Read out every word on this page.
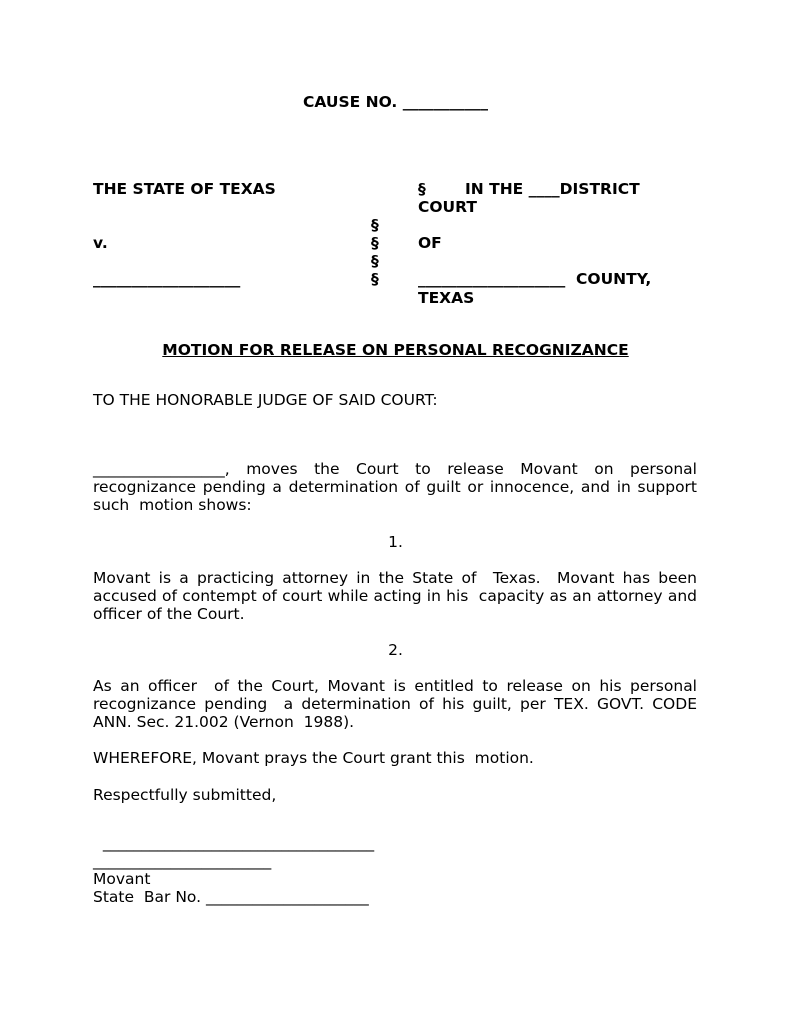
CAUSE NO. ___________
THE STATE OF TEXAS
v.
___________________
§
§
§
§
§
IN THE ____DISTRICT
COURT
OF
___________________  COUNTY,
TEXAS
MOTION FOR RELEASE ON PERSONAL RECOGNIZANCE
TO THE HONORABLE JUDGE OF SAID COURT:
_________________,  moves  the  Court  to  release  Movant  on  personal
recognizance pending a determination of guilt or innocence, and in support
such  motion shows:
1.
Movant is a practicing attorney in the State of  Texas.  Movant has been
accused of contempt of court while acting in his  capacity as an attorney and
officer of the Court.
2.
As an officer  of the Court, Movant is entitled to release on his personal
recognizance pending  a determination of his guilt, per TEX. GOVT. CODE
ANN. Sec. 21.002 (Vernon  1988).
WHEREFORE, Movant prays the Court grant this  motion.
Respectfully submitted,
___________________________________
_______________________
Movant
State  Bar No. _____________________
